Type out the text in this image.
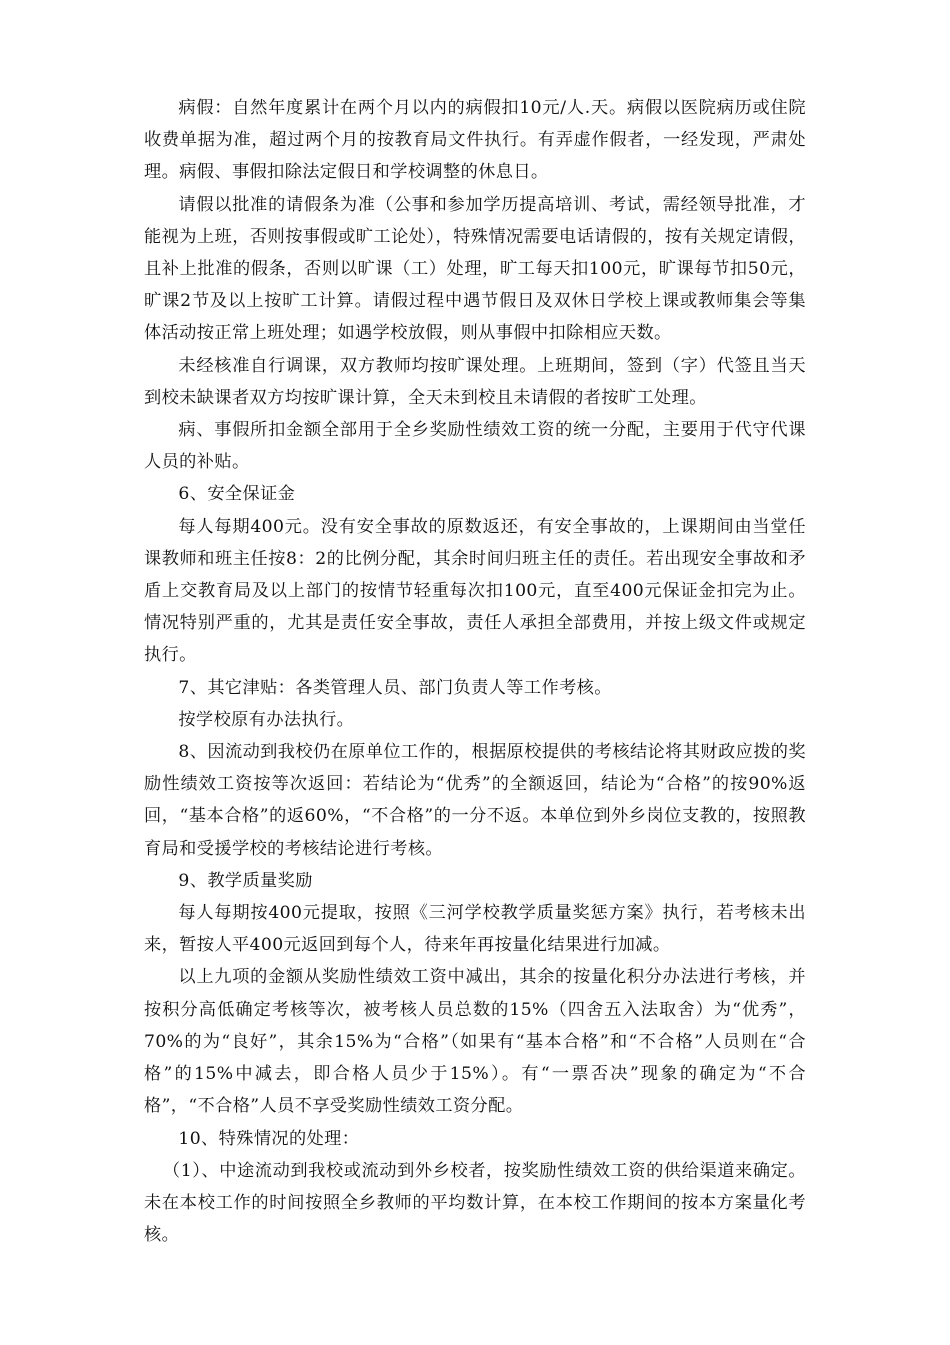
病假：自然年度累计在两个月以内的病假扣10元/人.天。病假以医院病历或住院收费单据为准，超过两个月的按教育局文件执行。有弄虚作假者，一经发现，严肃处理。病假、事假扣除法定假日和学校调整的休息日。

请假以批准的请假条为准（公事和参加学历提高培训、考试，需经领导批准，才能视为上班，否则按事假或旷工论处），特殊情况需要电话请假的，按有关规定请假，且补上批准的假条，否则以旷课（工）处理，旷工每天扣100元，旷课每节扣50元，旷课2节及以上按旷工计算。请假过程中遇节假日及双休日学校上课或教师集会等集体活动按正常上班处理；如遇学校放假，则从事假中扣除相应天数。

未经核准自行调课，双方教师均按旷课处理。上班期间，签到（字）代签且当天到校未缺课者双方均按旷课计算，全天未到校且未请假的者按旷工处理。

病、事假所扣金额全部用于全乡奖励性绩效工资的统一分配，主要用于代守代课人员的补贴。

6、安全保证金

每人每期400元。没有安全事故的原数返还，有安全事故的，上课期间由当堂任课教师和班主任按8：2的比例分配，其余时间归班主任的责任。若出现安全事故和矛盾上交教育局及以上部门的按情节轻重每次扣100元，直至400元保证金扣完为止。情况特别严重的，尤其是责任安全事故，责任人承担全部费用，并按上级文件或规定执行。

7、其它津贴：各类管理人员、部门负责人等工作考核。

按学校原有办法执行。

8、因流动到我校仍在原单位工作的，根据原校提供的考核结论将其财政应拨的奖励性绩效工资按等次返回：若结论为“优秀”的全额返回，结论为“合格”的按90%返回，“基本合格”的返60%，“不合格”的一分不返。本单位到外乡岗位支教的，按照教育局和受援学校的考核结论进行考核。

9、教学质量奖励

每人每期按400元提取，按照《三河学校教学质量奖惩方案》执行，若考核未出来，暂按人平400元返回到每个人，待来年再按量化结果进行加减。

以上九项的金额从奖励性绩效工资中减出，其余的按量化积分办法进行考核，并按积分高低确定考核等次，被考核人员总数的15%（四舍五入法取舍）为“优秀”，70%的为“良好”，其余15%为“合格”（如果有“基本合格”和“不合格”人员则在“合格”的15%中减去，即合格人员少于15%）。有“一票否决”现象的确定为“不合格”，“不合格”人员不享受奖励性绩效工资分配。

10、特殊情况的处理：

（1）、中途流动到我校或流动到外乡校者，按奖励性绩效工资的供给渠道来确定。未在本校工作的时间按照全乡教师的平均数计算，在本校工作期间的按本方案量化考核。
